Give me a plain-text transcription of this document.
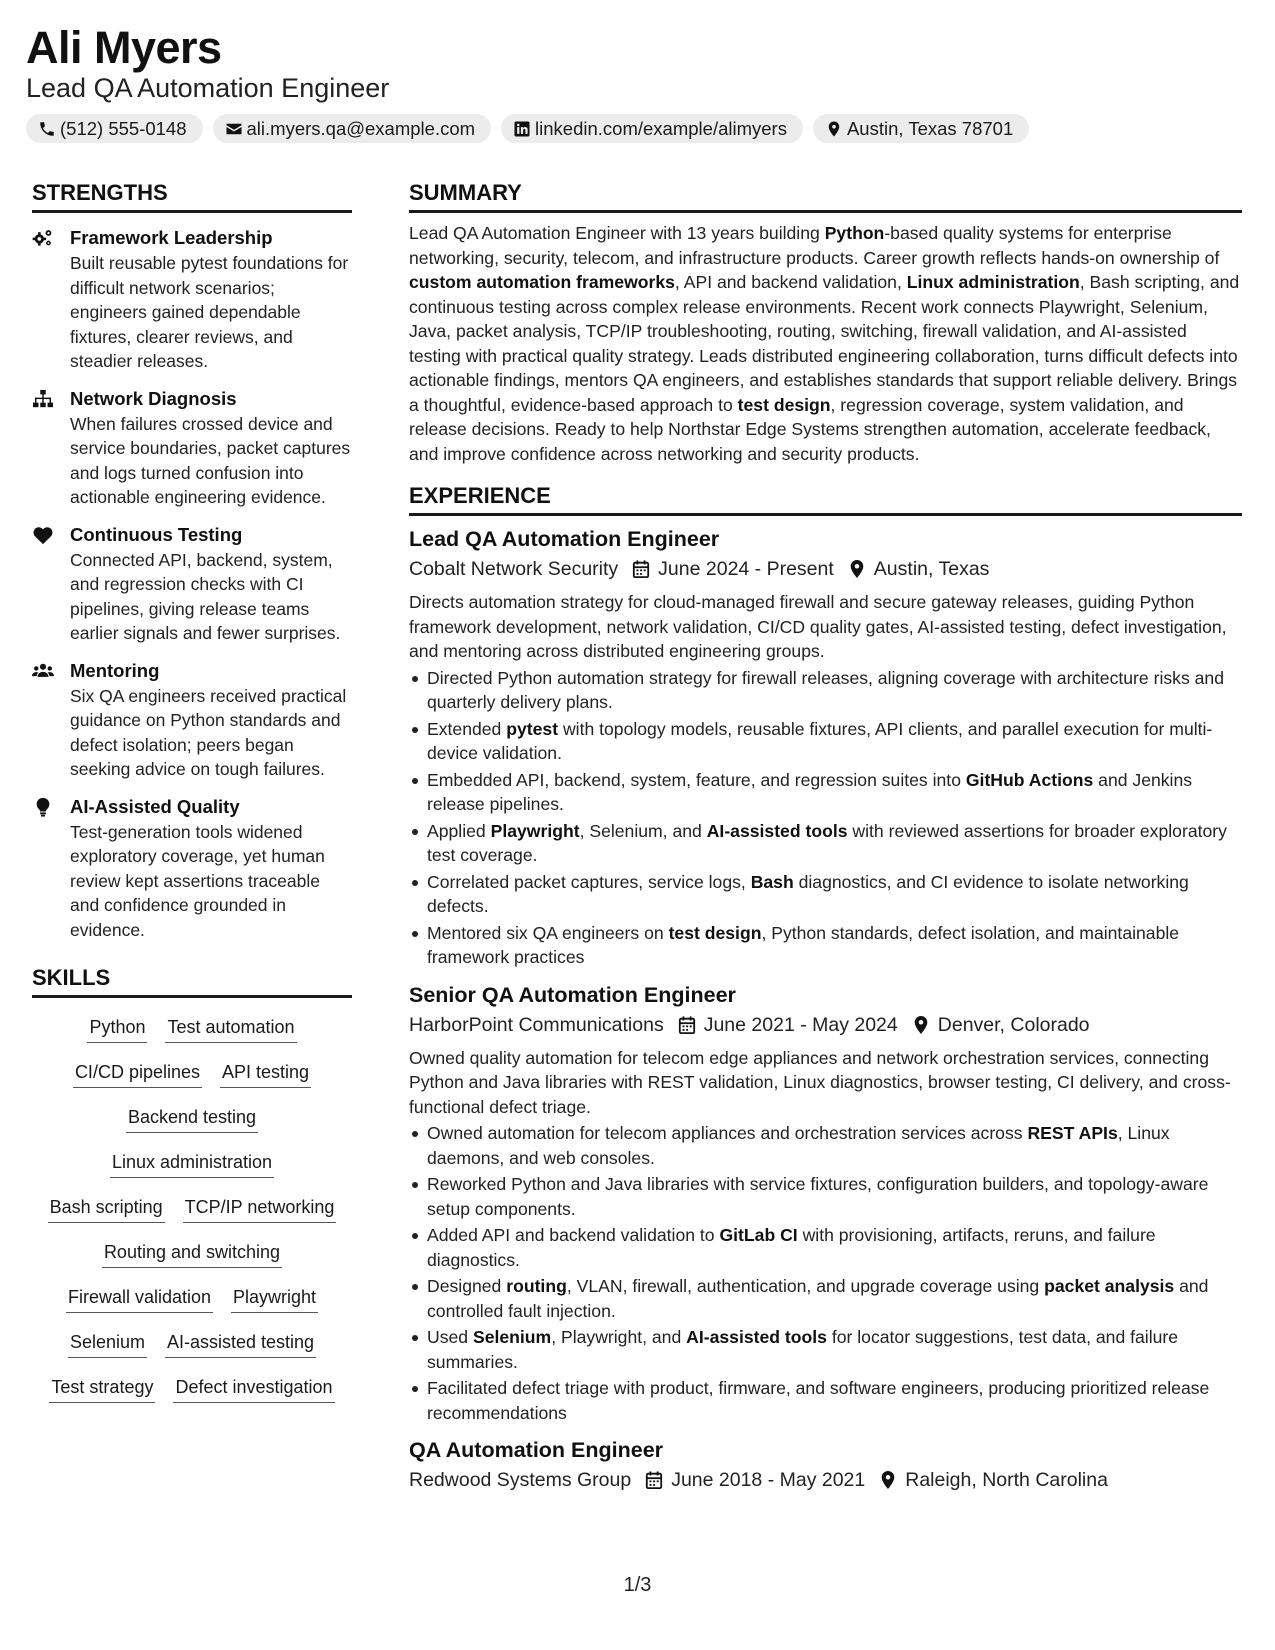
Ali Myers
Lead QA Automation Engineer
(512) 555-0148	ali.myers.qa@example.com	linkedin.com/example/alimyers	Austin, Texas 78701
STRENGTHS
Framework Leadership
Built reusable pytest foundations for difficult network scenarios; engineers gained dependable fixtures, clearer reviews, and steadier releases.
Network Diagnosis
When failures crossed device and service boundaries, packet captures and logs turned confusion into actionable engineering evidence.
Continuous Testing
Connected API, backend, system, and regression checks with CI pipelines, giving release teams earlier signals and fewer surprises.
Mentoring
Six QA engineers received practical guidance on Python standards and defect isolation; peers began seeking advice on tough failures.
AI-Assisted Quality
Test-generation tools widened exploratory coverage, yet human review kept assertions traceable and confidence grounded in evidence.
SKILLS
Python Test automation
CI/CD pipelines API testing
Backend testing
Linux administration
Bash scripting TCP/IP networking
Routing and switching
Firewall validation Playwright
Selenium AI-assisted testing
Test strategy Defect investigation
SUMMARY
Lead QA Automation Engineer with 13 years building Python-based quality systems for enterprise networking, security, telecom, and infrastructure products. Career growth reflects hands-on ownership of custom automation frameworks, API and backend validation, Linux administration, Bash scripting, and continuous testing across complex release environments. Recent work connects Playwright, Selenium, Java, packet analysis, TCP/IP troubleshooting, routing, switching, firewall validation, and AI-assisted testing with practical quality strategy. Leads distributed engineering collaboration, turns difficult defects into actionable findings, mentors QA engineers, and establishes standards that support reliable delivery. Brings a thoughtful, evidence-based approach to test design, regression coverage, system validation, and release decisions. Ready to help Northstar Edge Systems strengthen automation, accelerate feedback, and improve confidence across networking and security products.
EXPERIENCE
Lead QA Automation Engineer
Cobalt Network Security June 2024 - Present Austin, Texas
Directs automation strategy for cloud-managed firewall and secure gateway releases, guiding Python framework development, network validation, CI/CD quality gates, AI-assisted testing, defect investigation, and mentoring across distributed engineering groups.
Directed Python automation strategy for firewall releases, aligning coverage with architecture risks and quarterly delivery plans.
Extended pytest with topology models, reusable fixtures, API clients, and parallel execution for multi-device validation.
Embedded API, backend, system, feature, and regression suites into GitHub Actions and Jenkins release pipelines.
Applied Playwright, Selenium, and AI-assisted tools with reviewed assertions for broader exploratory test coverage.
Correlated packet captures, service logs, Bash diagnostics, and CI evidence to isolate networking defects.
Mentored six QA engineers on test design, Python standards, defect isolation, and maintainable framework practices
Senior QA Automation Engineer
HarborPoint Communications June 2021 - May 2024 Denver, Colorado
Owned quality automation for telecom edge appliances and network orchestration services, connecting Python and Java libraries with REST validation, Linux diagnostics, browser testing, CI delivery, and cross-functional defect triage.
Owned automation for telecom appliances and orchestration services across REST APIs, Linux daemons, and web consoles.
Reworked Python and Java libraries with service fixtures, configuration builders, and topology-aware setup components.
Added API and backend validation to GitLab CI with provisioning, artifacts, reruns, and failure diagnostics.
Designed routing, VLAN, firewall, authentication, and upgrade coverage using packet analysis and controlled fault injection.
Used Selenium, Playwright, and AI-assisted tools for locator suggestions, test data, and failure summaries.
Facilitated defect triage with product, firmware, and software engineers, producing prioritized release recommendations
QA Automation Engineer
Redwood Systems Group June 2018 - May 2021 Raleigh, North Carolina
1/3
